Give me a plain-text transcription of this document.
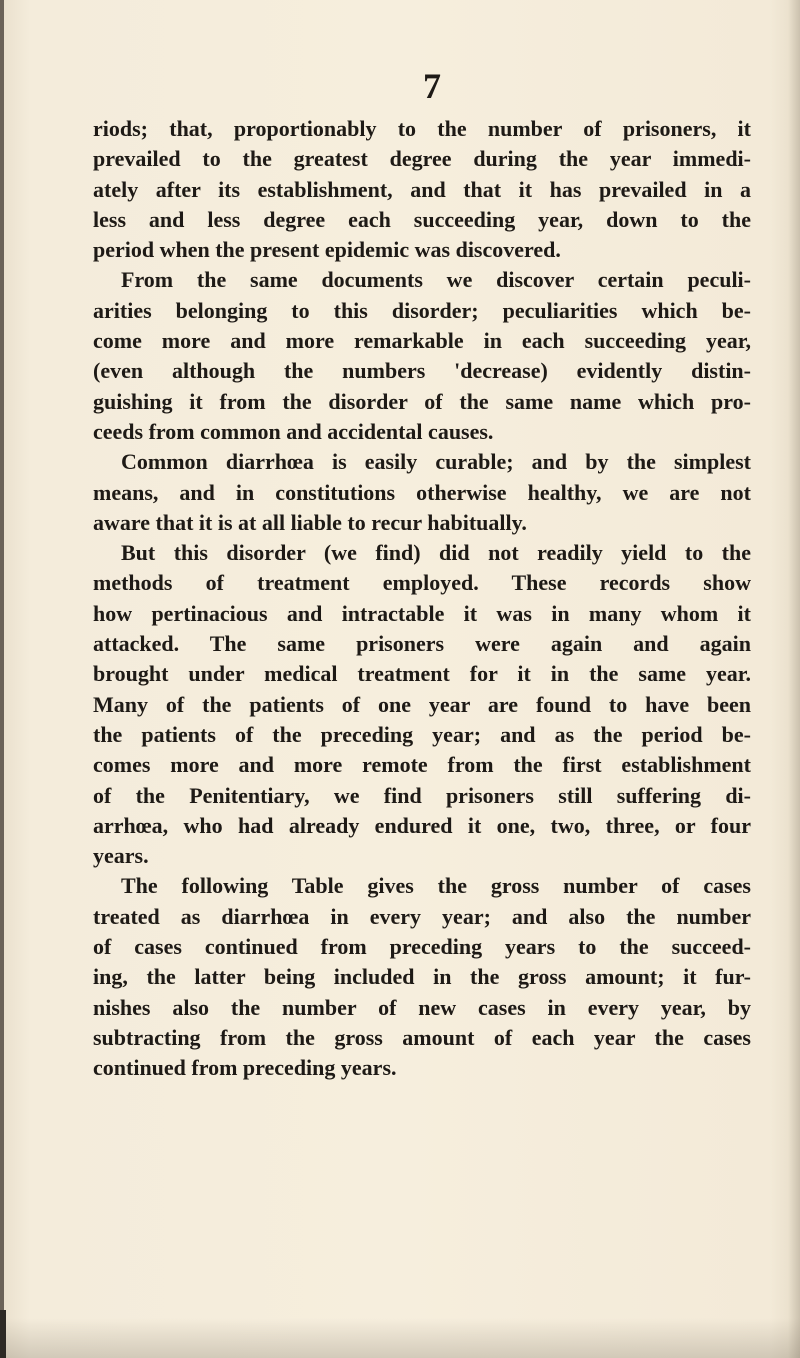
7
riods; that, proportionably to the number of prisoners, it
prevailed to the greatest degree during the year immedi-
ately after its establishment, and that it has prevailed in a
less and less degree each succeeding year, down to the
period when the present epidemic was discovered.
From the same documents we discover certain peculi-
arities belonging to this disorder; peculiarities which be-
come more and more remarkable in each succeeding year,
(even although the numbers 'decrease) evidently distin-
guishing it from the disorder of the same name which pro-
ceeds from common and accidental causes.
Common diarrhœa is easily curable; and by the simplest
means, and in constitutions otherwise healthy, we are not
aware that it is at all liable to recur habitually.
But this disorder (we find) did not readily yield to the
methods of treatment employed. These records show
how pertinacious and intractable it was in many whom it
attacked. The same prisoners were again and again
brought under medical treatment for it in the same year.
Many of the patients of one year are found to have been
the patients of the preceding year; and as the period be-
comes more and more remote from the first establishment
of the Penitentiary, we find prisoners still suffering di-
arrhœa, who had already endured it one, two, three, or four
years.
The following Table gives the gross number of cases
treated as diarrhœa in every year; and also the number
of cases continued from preceding years to the succeed-
ing, the latter being included in the gross amount; it fur-
nishes also the number of new cases in every year, by
subtracting from the gross amount of each year the cases
continued from preceding years.
